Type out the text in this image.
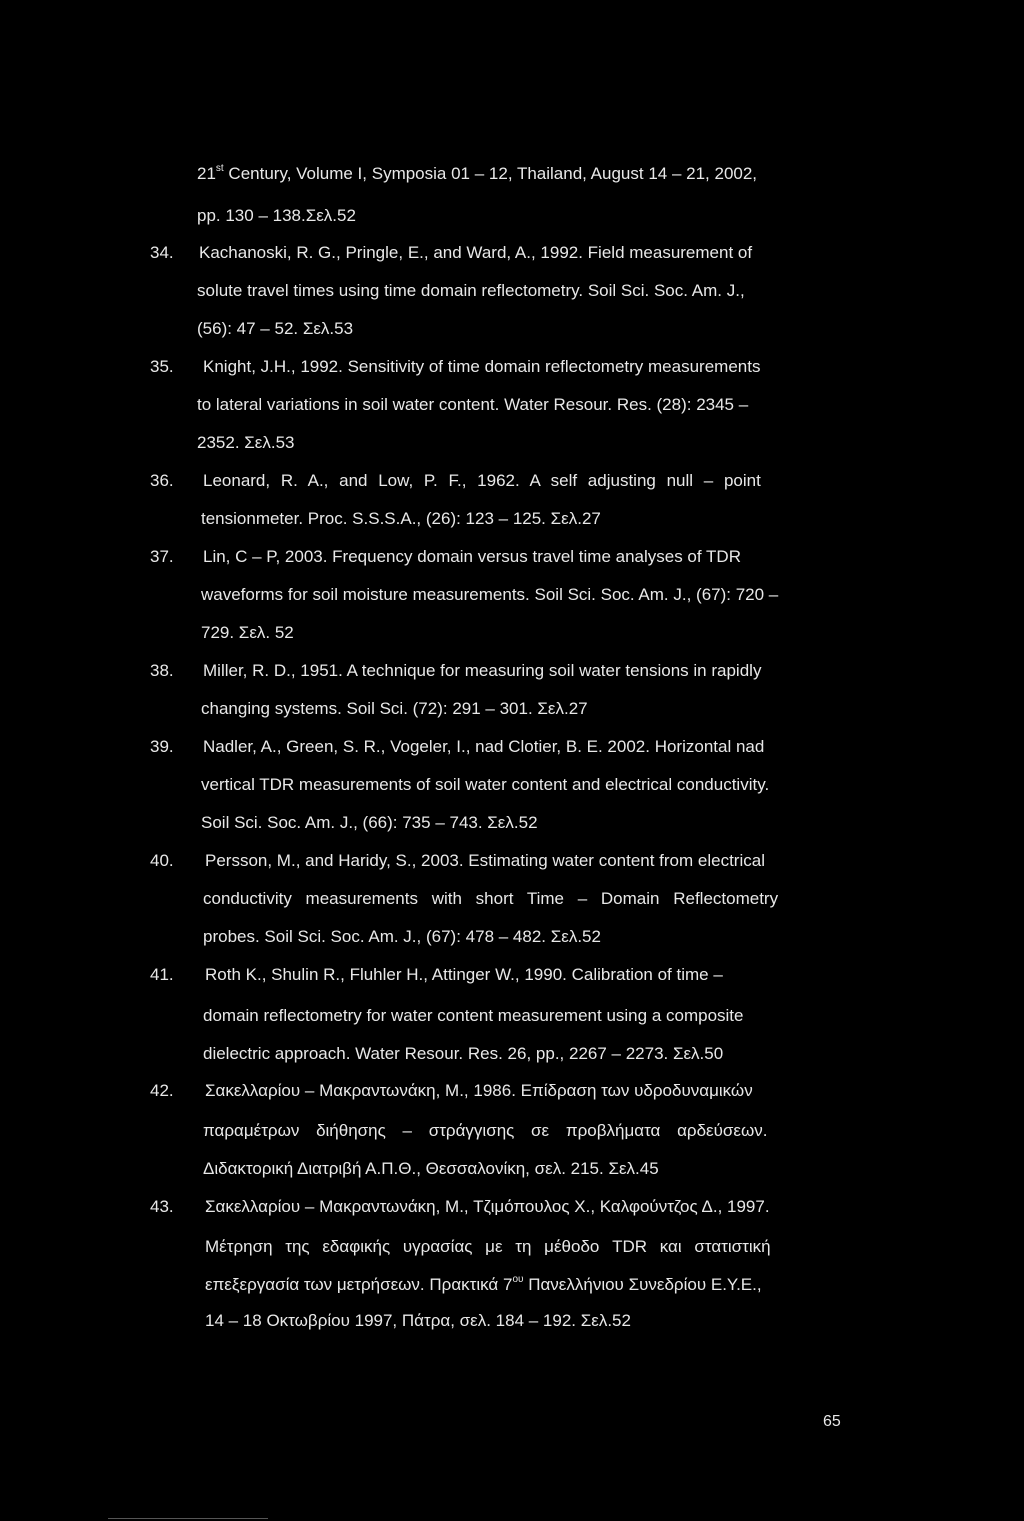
21st Century, Volume I, Symposia 01 – 12, Thailand, August 14 – 21, 2002,
pp. 130 – 138.Σελ.52
34. Kachanoski, R. G., Pringle, E., and Ward, A., 1992. Field measurement of
solute travel times using time domain reflectometry. Soil Sci. Soc. Am. J.,
(56): 47 – 52. Σελ.53
35. Knight, J.H., 1992. Sensitivity of time domain reflectometry measurements
to lateral variations in soil water content. Water Resour. Res. (28): 2345 –
2352. Σελ.53
36. Leonard, R. A., and Low, P. F., 1962. A self adjusting null – point
tensionmeter. Proc. S.S.S.A., (26): 123 – 125. Σελ.27
37. Lin, C – P, 2003. Frequency domain versus travel time analyses of TDR
waveforms for soil moisture measurements. Soil Sci. Soc. Am. J., (67): 720 –
729. Σελ. 52
38. Miller, R. D., 1951. A technique for measuring soil water tensions in rapidly
changing systems. Soil Sci. (72): 291 – 301. Σελ.27
39. Nadler, A., Green, S. R., Vogeler, I., nad Clotier, B. E. 2002. Horizontal nad
vertical TDR measurements of soil water content and electrical conductivity.
Soil Sci. Soc. Am. J., (66): 735 – 743. Σελ.52
40. Persson, M., and Haridy, S., 2003. Estimating water content from electrical
conductivity measurements with short Time – Domain Reflectometry
probes. Soil Sci. Soc. Am. J., (67): 478 – 482. Σελ.52
41. Roth K., Shulin R., Fluhler H., Attinger W., 1990. Calibration of time –
domain reflectometry for water content measurement using a composite
dielectric approach. Water Resour. Res. 26, pp., 2267 – 2273. Σελ.50
42. Σακελλαρίου – Μακραντωνάκη, Μ., 1986. Επίδραση των υδροδυναμικών
παραμέτρων διήθησης – στράγγισης σε προβλήματα αρδεύσεων.
Διδακτορική Διατριβή Α.Π.Θ., Θεσσαλονίκη, σελ. 215. Σελ.45
43. Σακελλαρίου – Μακραντωνάκη, Μ., Τζιμόπουλος Χ., Καλφούντζος Δ., 1997.
Μέτρηση της εδαφικής υγρασίας με τη μέθοδο TDR και στατιστική
επεξεργασία των μετρήσεων. Πρακτικά $7^{o\upsilon}$ Πανελλήνιου Συνεδρίου Ε.Υ.Ε.,
14 – 18 Οκτωβρίου 1997, Πάτρα, σελ. 184 – 192. Σελ.52
65
